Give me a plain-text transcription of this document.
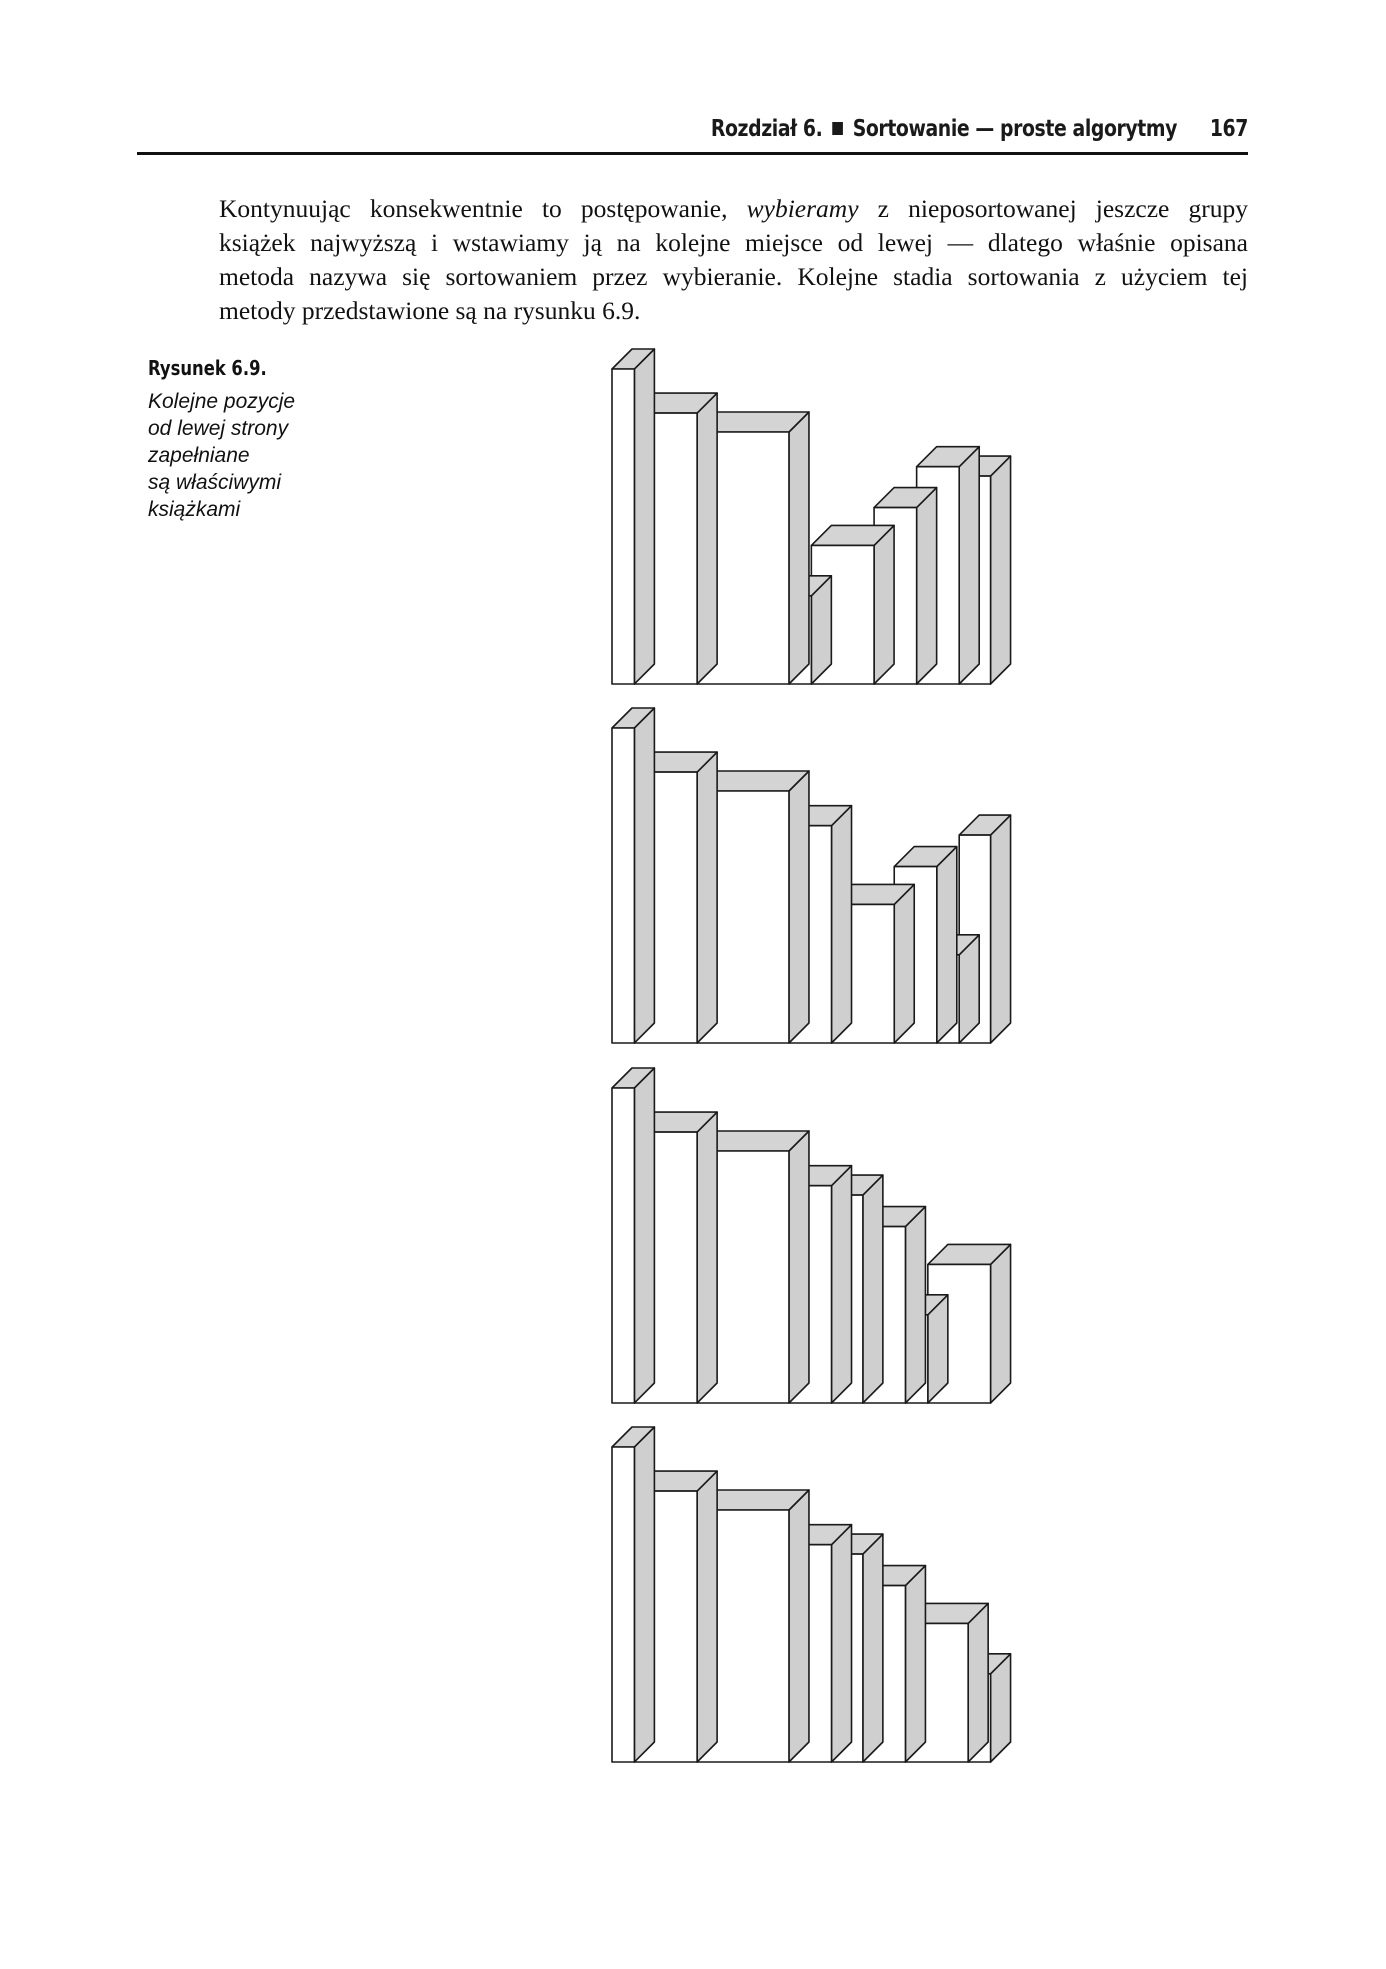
Rozdział 6. Sortowanie — proste algorytmy 167
Kontynuując konsekwentnie to postępowanie, wybieramy z nieposortowanej jeszcze grupy
książek najwyższą i wstawiamy ją na kolejne miejsce od lewej — dlatego właśnie opisana
metoda nazywa się sortowaniem przez wybieranie. Kolejne stadia sortowania z użyciem tej
metody przedstawione są na rysunku 6.9.
Rysunek 6.9.
Kolejne pozycje
od lewej strony
zapełniane
są właściwymi
książkami
